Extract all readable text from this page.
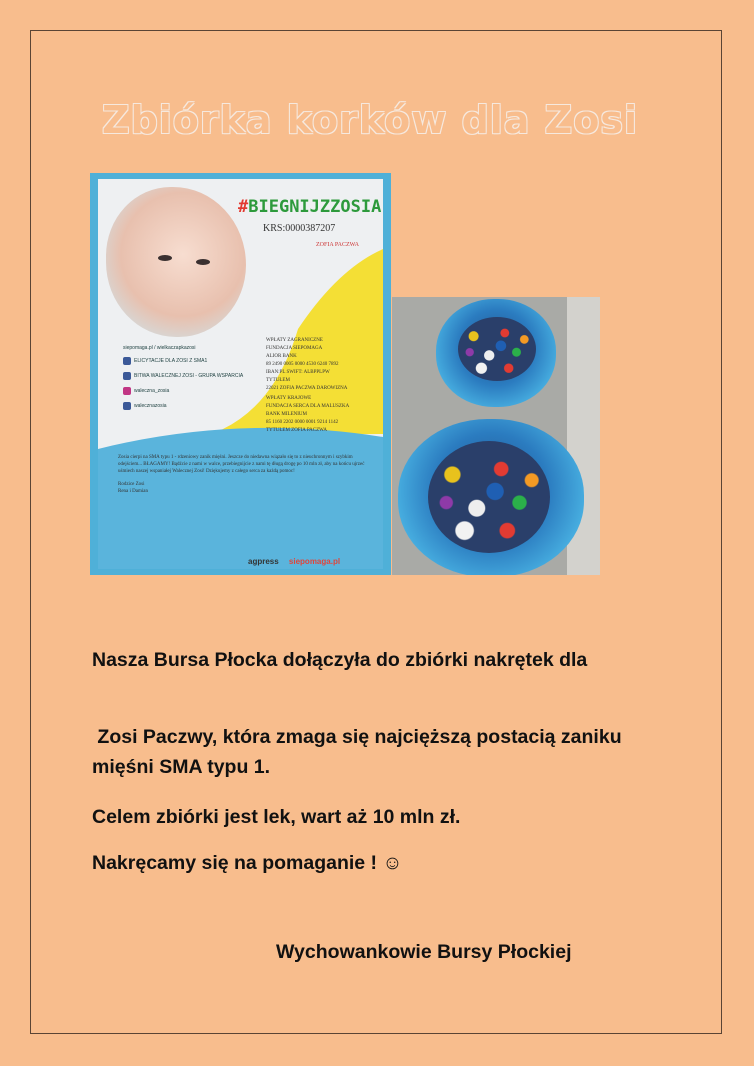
Zbiórka korków dla Zosi
#BIEGNIJZZOSIA
KRS:0000387207
ZOFIA PACZWA
siepomaga.pl / wielkaczapkazosi
ELICYTACJE DLA ZOSI Z SMA1
BITWA WALECZNEJ ZOSI - GRUPA WSPARCIA
waleczna_zosia
walecznazosia
WPŁATY ZAGRANICZNE
FUNDACJA SIEPOMAGA
ALIOR BANK
89 2490 0005 0000 4530 6240 7892
IBAN:PL SWIFT: ALBPPLPW
TYTUŁEM
22021 ZOFIA PACZWA DAROWIZNA
WPŁATY KRAJOWE
FUNDACJA SERCA DLA MALUSZKA
BANK MILENIUM
85 1160 2202 0000 0001 9214 1142
TYTUŁEM ZOFIA PACZWA
Zosia cierpi na SMA typu 1 - rdzeniowy zanik mięśni. Jeszcze do niedawna wiązało się to z nieuchronnym i szybkim odejściem... BŁAGAMY! Bądźcie z nami w walce, przebiegnijcie z nami tę długą drogę po 10 mln zł, aby na końcu ujrzeć uśmiech naszej wspaniałej Walecznej Zosi! Dziękujemy z całego serca za każdą pomoc!
Rodzice Zosi
Rena i Damian
agpress siepomaga.pl
Nasza Bursa Płocka dołączyła do zbiórki nakrętek dla
Zosi Paczwy, która zmaga się najcięższą postacią zaniku mięśni SMA typu 1.
Celem zbiórki jest lek, wart aż 10 mln zł.
Nakręcamy się na pomaganie ! ☺
Wychowankowie Bursy Płockiej
